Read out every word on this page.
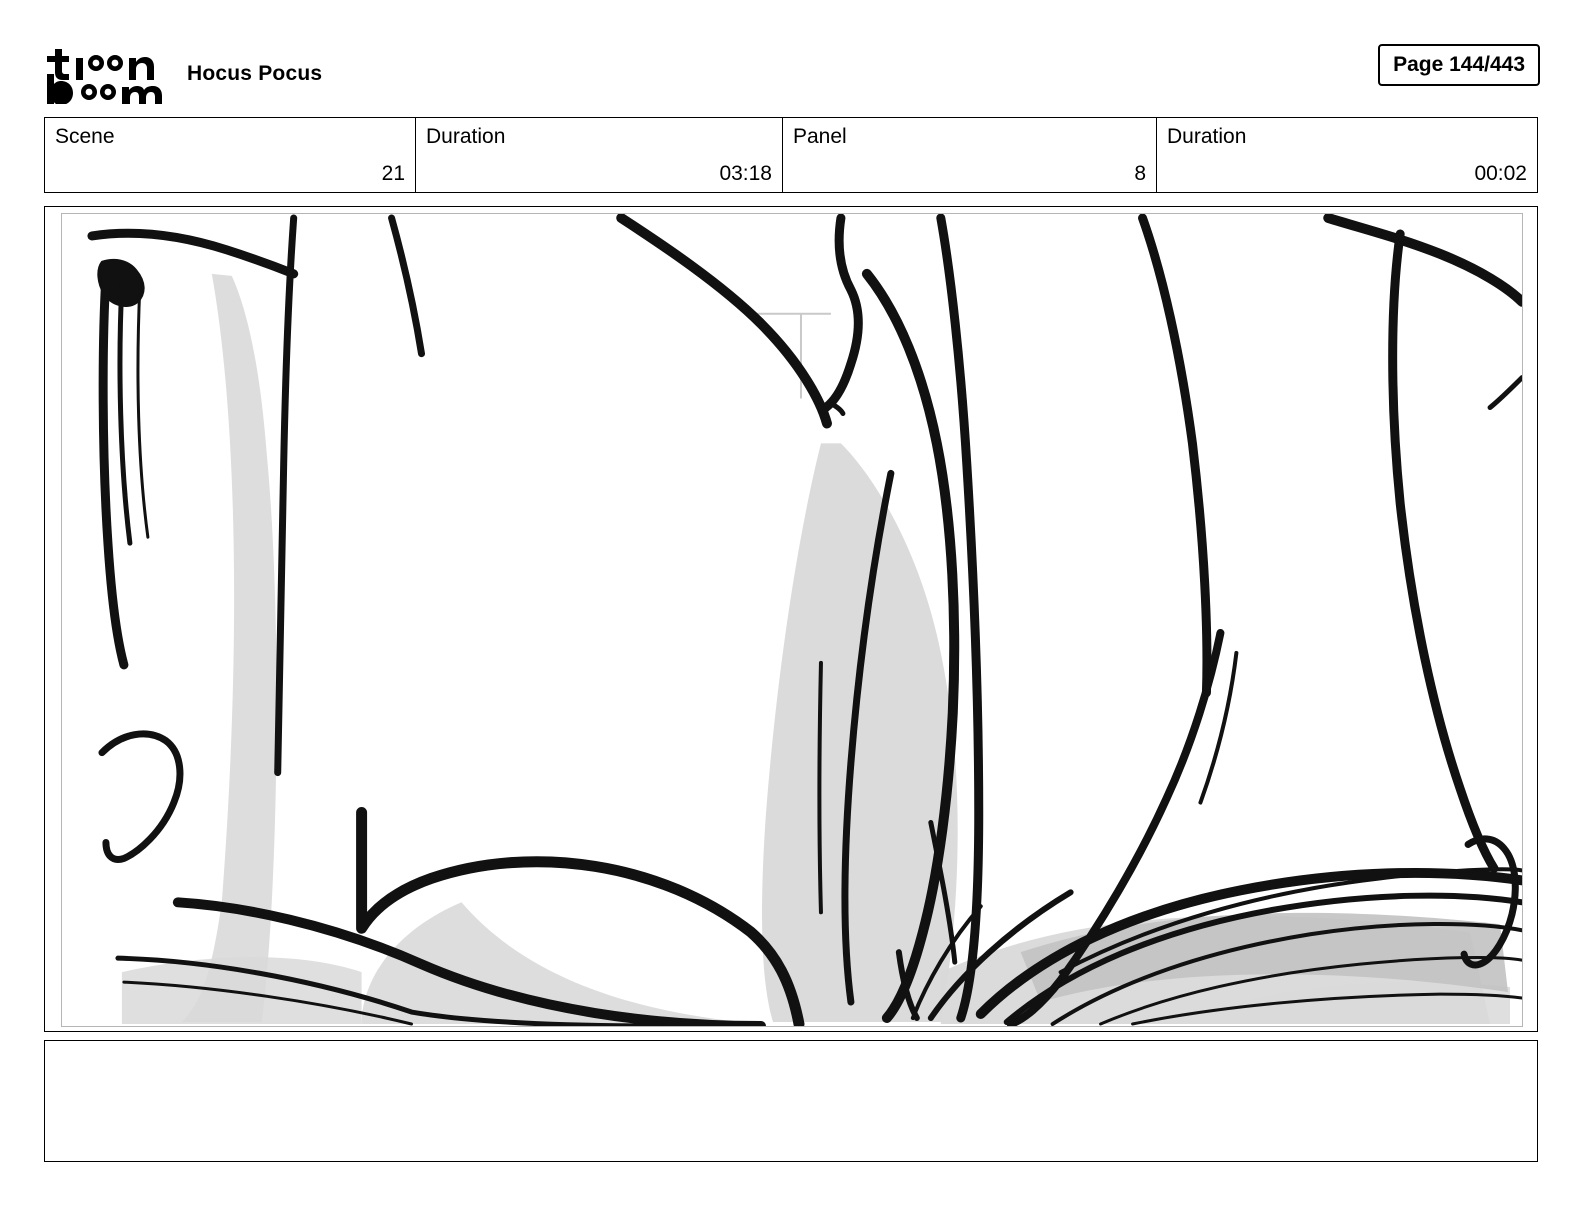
Hocus Pocus	Page 144/443
Scene
21
Duration
03:18
Panel
8
Duration
00:02
